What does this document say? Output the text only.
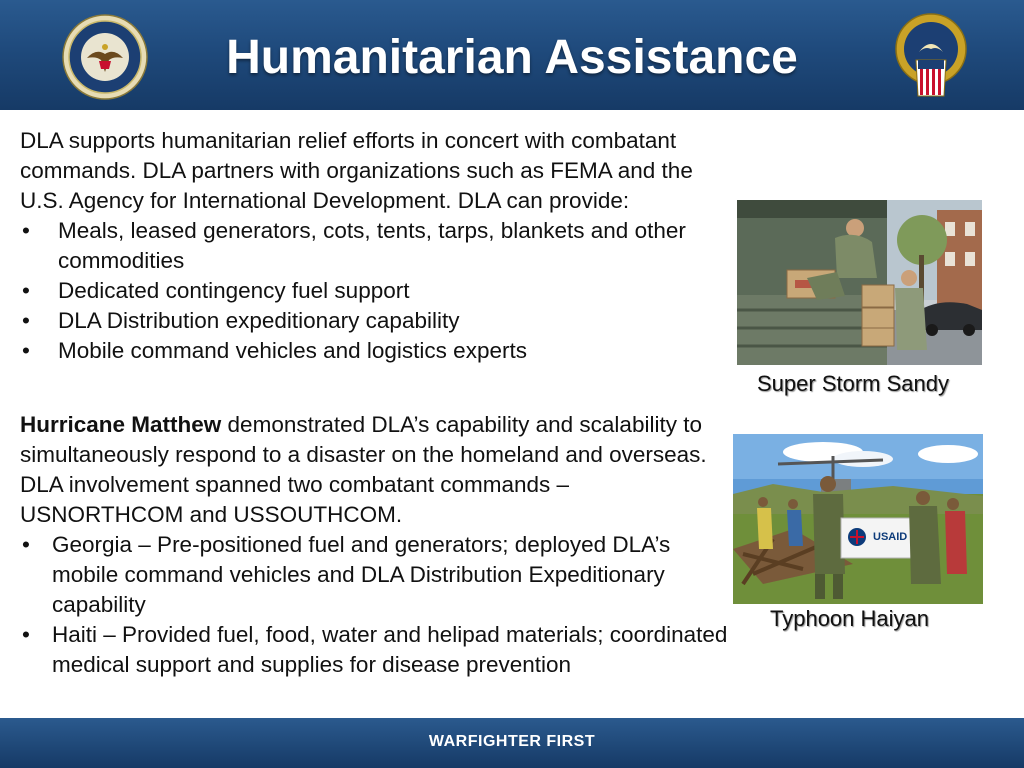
Humanitarian Assistance

DLA supports humanitarian relief efforts in concert with combatant commands. DLA partners with organizations such as FEMA and the U.S. Agency for International Development. DLA can provide:

• Meals, leased generators, cots, tents, tarps, blankets and other commodities
• Dedicated contingency fuel support
• DLA Distribution expeditionary capability
• Mobile command vehicles and logistics experts

Hurricane Matthew demonstrated DLA’s capability and scalability to simultaneously respond to a disaster on the homeland and overseas. DLA involvement spanned two combatant commands – USNORTHCOM and USSOUTHCOM.

• Georgia – Pre-positioned fuel and generators; deployed DLA’s mobile command vehicles and DLA Distribution Expeditionary capability
• Haiti – Provided fuel, food, water and helipad materials; coordinated medical support and supplies for disease prevention
Super Storm Sandy
USAID
Typhoon Haiyan
WARFIGHTER FIRST
